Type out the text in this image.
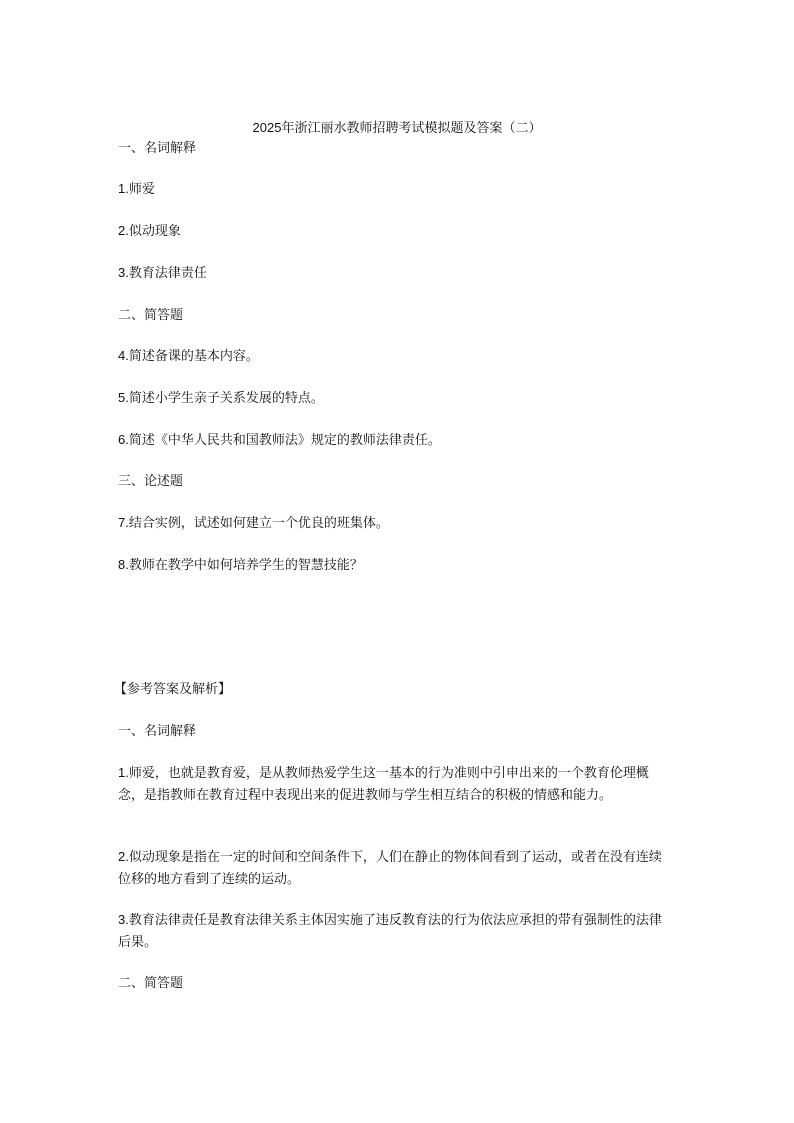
2025年浙江丽水教师招聘考试模拟题及答案（二）
一、名词解释
1.师爱
2.似动现象
3.教育法律责任
二、简答题
4.简述备课的基本内容。
5.简述小学生亲子关系发展的特点。
6.简述《中华人民共和国教师法》规定的教师法律责任。
三、论述题
7.结合实例，试述如何建立一个优良的班集体。
8.教师在教学中如何培养学生的智慧技能？
【参考答案及解析】
一、名词解释
1.师爱，也就是教育爱，是从教师热爱学生这一基本的行为准则中引申出来的一个教育伦理概念，是指教师在教育过程中表现出来的促进教师与学生相互结合的积极的情感和能力。
2.似动现象是指在一定的时间和空间条件下，人们在静止的物体间看到了运动，或者在没有连续位移的地方看到了连续的运动。
3.教育法律责任是教育法律关系主体因实施了违反教育法的行为依法应承担的带有强制性的法律后果。
二、简答题
